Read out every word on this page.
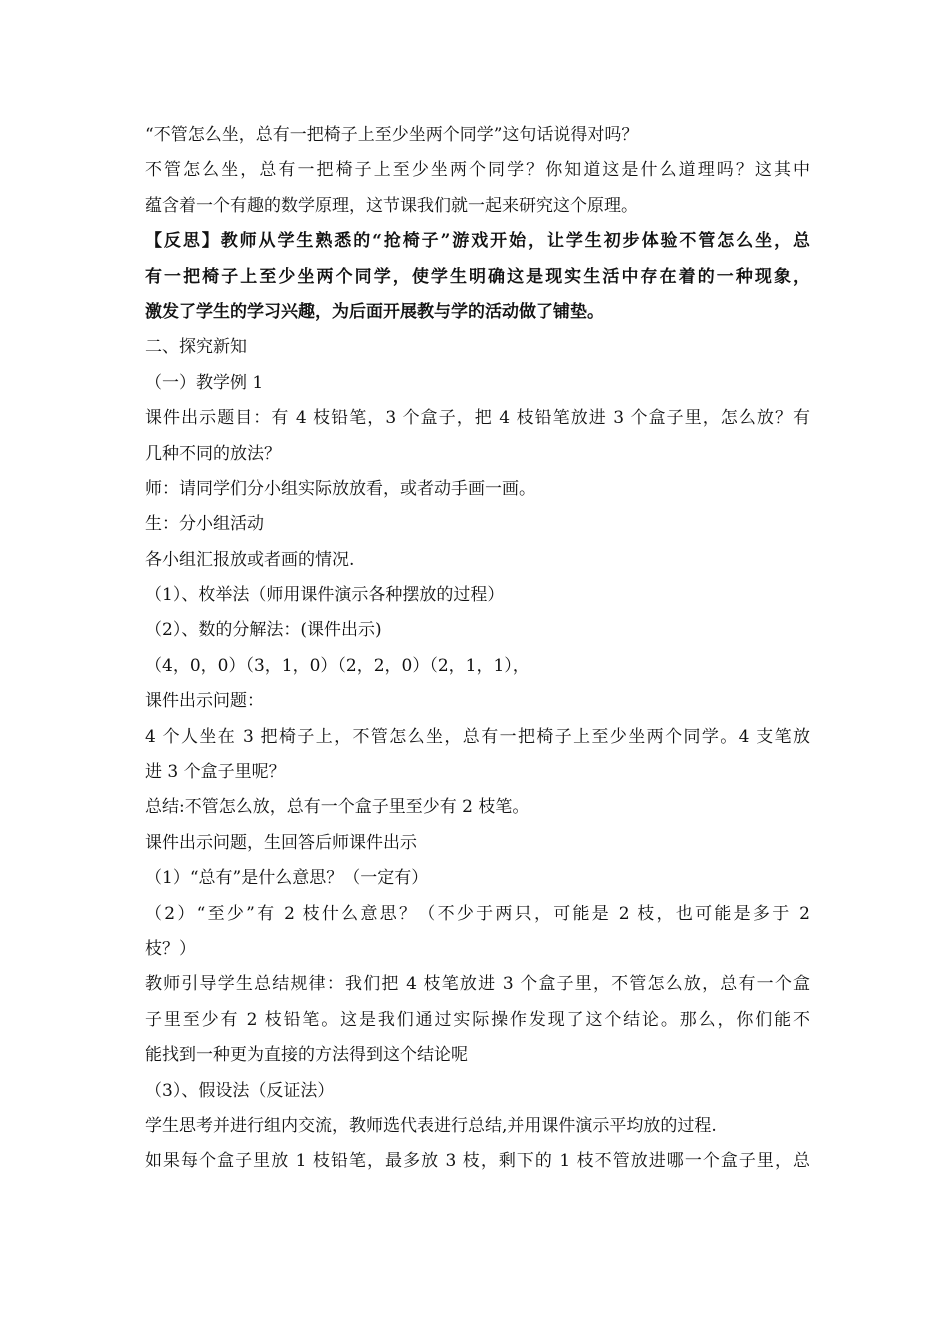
“不管怎么坐，总有一把椅子上至少坐两个同学”这句话说得对吗？
不管怎么坐，总有一把椅子上至少坐两个同学？你知道这是什么道理吗？这其中
蕴含着一个有趣的数学原理，这节课我们就一起来研究这个原理。
【反思】教师从学生熟悉的“抢椅子”游戏开始，让学生初步体验不管怎么坐，总
有一把椅子上至少坐两个同学，使学生明确这是现实生活中存在着的一种现象，
激发了学生的学习兴趣，为后面开展教与学的活动做了铺垫。
二、探究新知
（一）教学例 1
课件出示题目：有 4 枝铅笔，3 个盒子，把 4 枝铅笔放进 3 个盒子里，怎么放？有
几种不同的放法？
师：请同学们分小组实际放放看，或者动手画一画。
生：分小组活动
各小组汇报放或者画的情况.
（1）、枚举法（师用课件演示各种摆放的过程）
（2）、数的分解法：(课件出示)
（4，0，0）（3，1，0）（2，2，0）（2，1，1），
课件出示问题：
4 个人坐在 3 把椅子上，不管怎么坐，总有一把椅子上至少坐两个同学。4 支笔放
进 3 个盒子里呢？
总结:不管怎么放，总有一个盒子里至少有 2 枝笔。
课件出示问题，生回答后师课件出示
（1）“总有”是什么意思？（一定有）
（2）“至少”有 2 枝什么意思？（不少于两只，可能是 2 枝，也可能是多于 2
枝？）
教师引导学生总结规律：我们把 4 枝笔放进 3 个盒子里，不管怎么放，总有一个盒
子里至少有 2 枝铅笔。这是我们通过实际操作发现了这个结论。那么，你们能不
能找到一种更为直接的方法得到这个结论呢
（3）、假设法（反证法）
学生思考并进行组内交流，教师选代表进行总结,并用课件演示平均放的过程.
如果每个盒子里放 1 枝铅笔，最多放 3 枝，剩下的 1 枝不管放进哪一个盒子里，总
